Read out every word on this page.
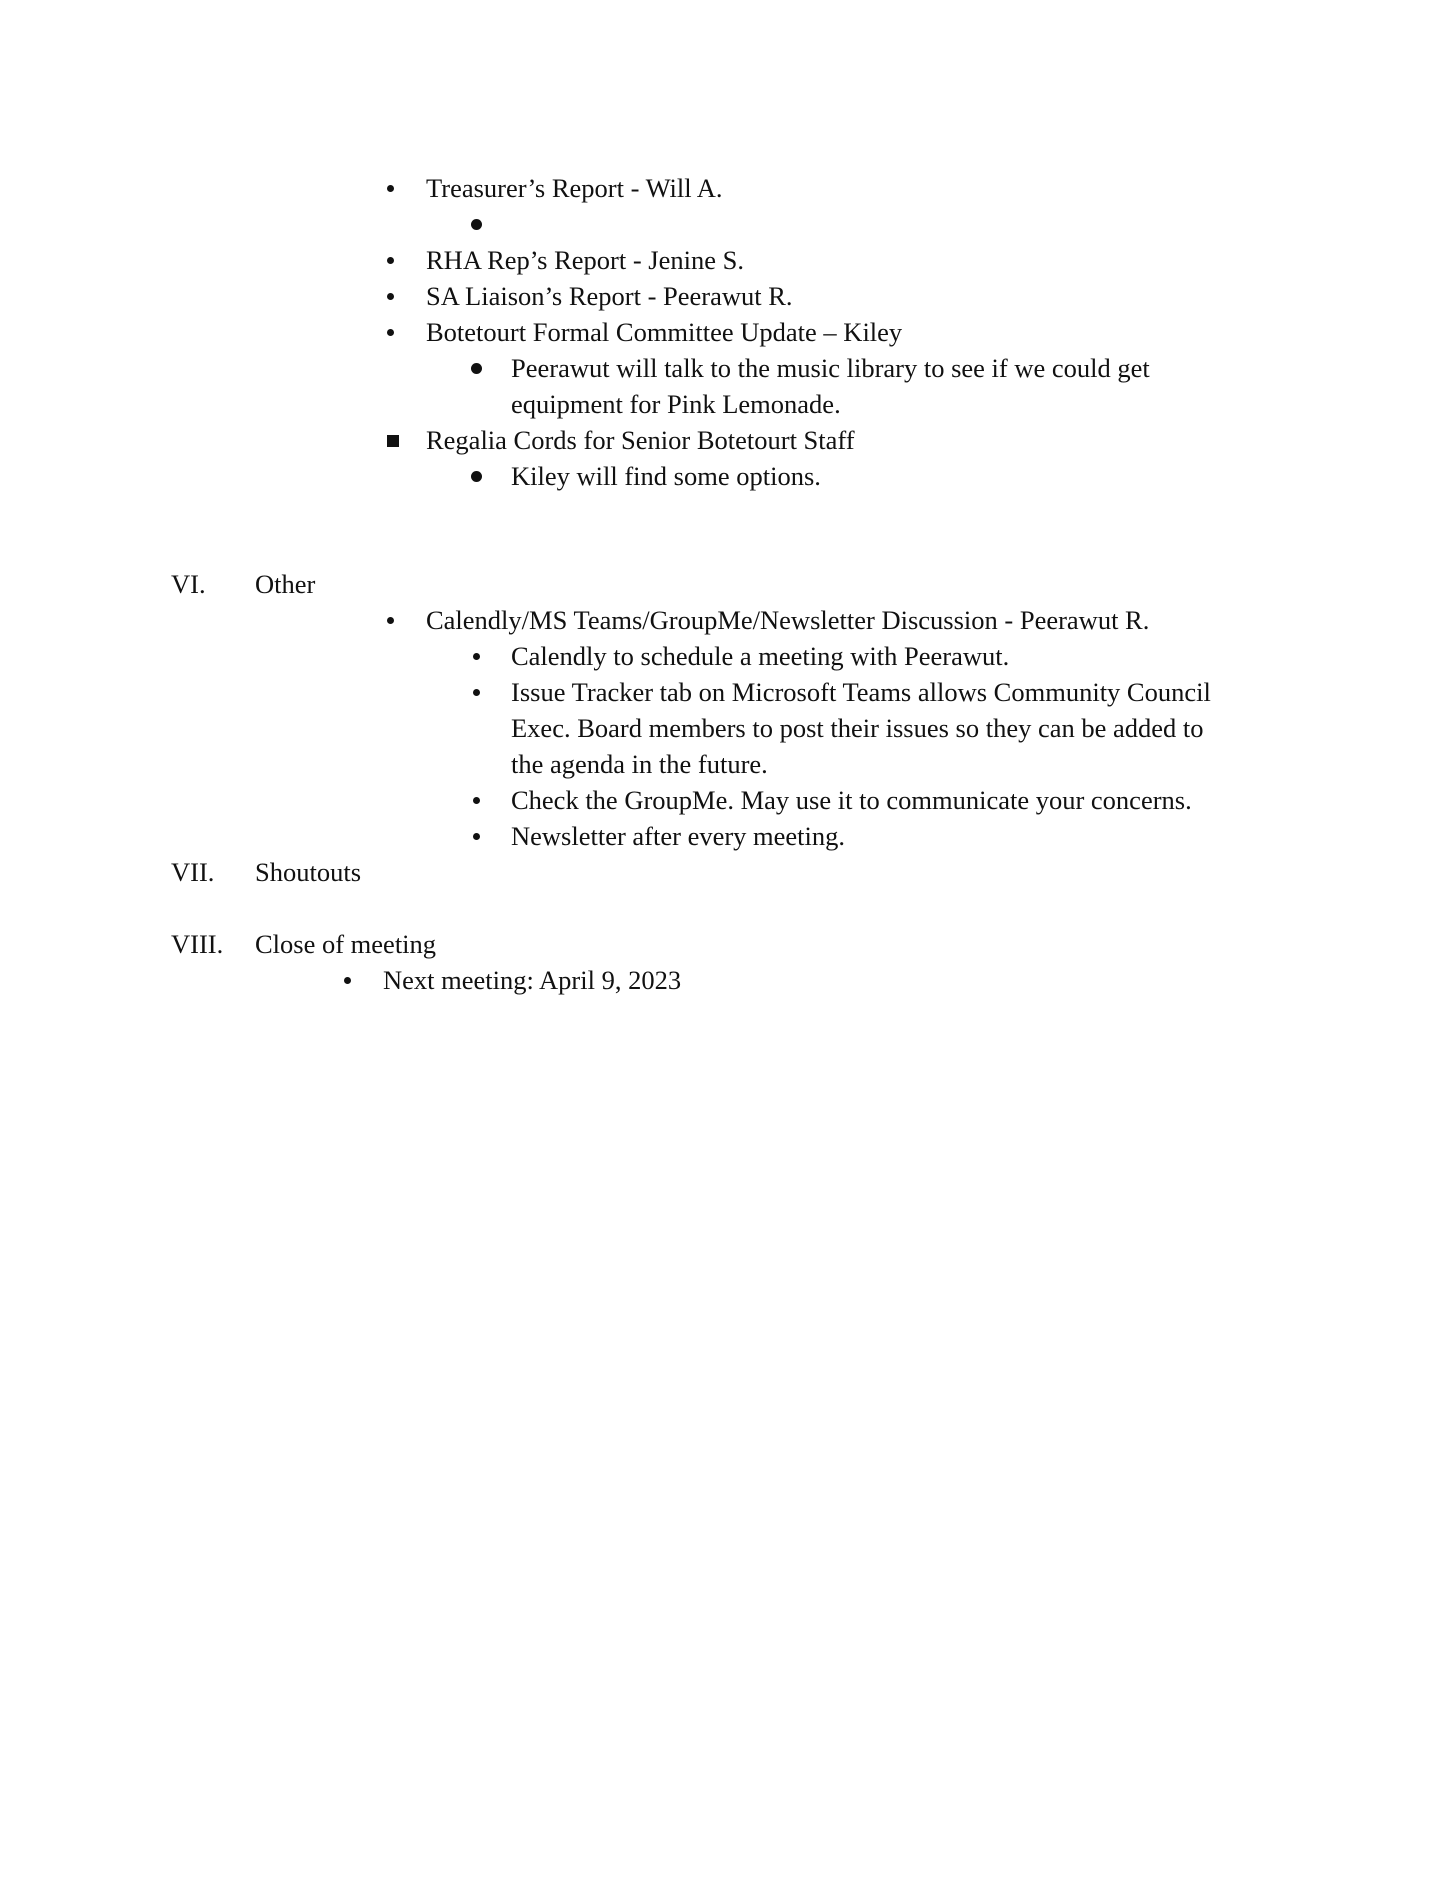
Treasurer’s Report - Will A.
RHA Rep’s Report - Jenine S.
SA Liaison’s Report - Peerawut R.
Botetourt Formal Committee Update – Kiley
Peerawut will talk to the music library to see if we could get
equipment for Pink Lemonade.
Regalia Cords for Senior Botetourt Staff
Kiley will find some options.
VI. Other
Calendly/MS Teams/GroupMe/Newsletter Discussion - Peerawut R.
Calendly to schedule a meeting with Peerawut.
Issue Tracker tab on Microsoft Teams allows Community Council
Exec. Board members to post their issues so they can be added to
the agenda in the future.
Check the GroupMe. May use it to communicate your concerns.
Newsletter after every meeting.
VII. Shoutouts
VIII. Close of meeting
Next meeting: April 9, 2023
